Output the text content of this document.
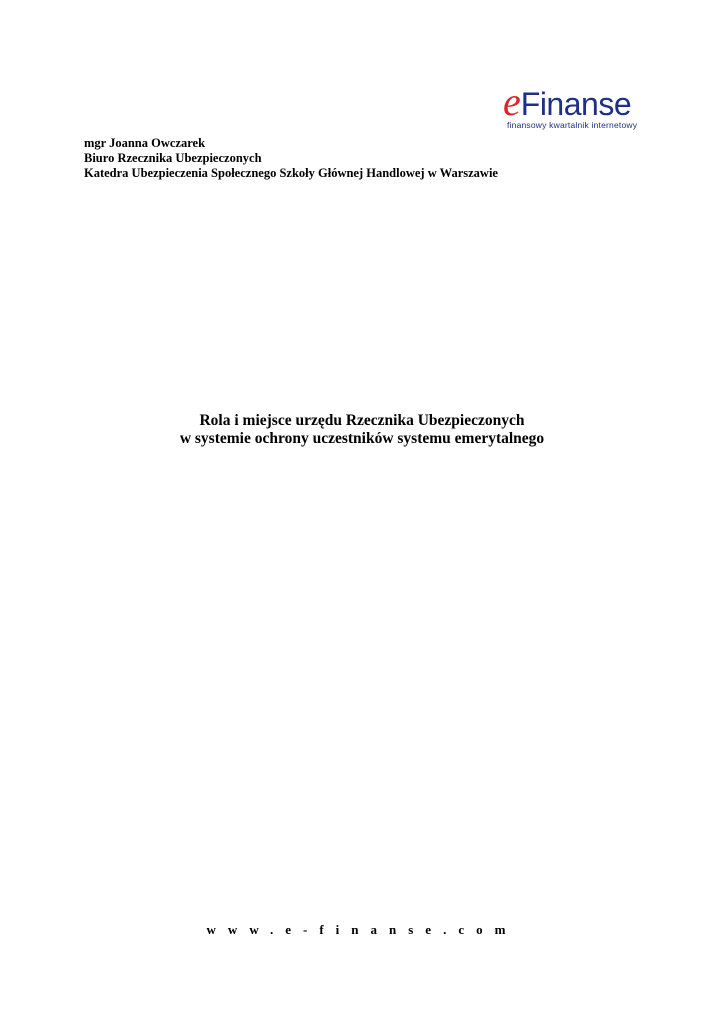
eFinanse
finansowy kwartalnik internetowy
mgr Joanna Owczarek
Biuro Rzecznika Ubezpieczonych
Katedra Ubezpieczenia Społecznego Szkoły Głównej Handlowej w Warszawie
Rola i miejsce urzędu Rzecznika Ubezpieczonych
w systemie ochrony uczestników systemu emerytalnego
www.e-finanse.com
